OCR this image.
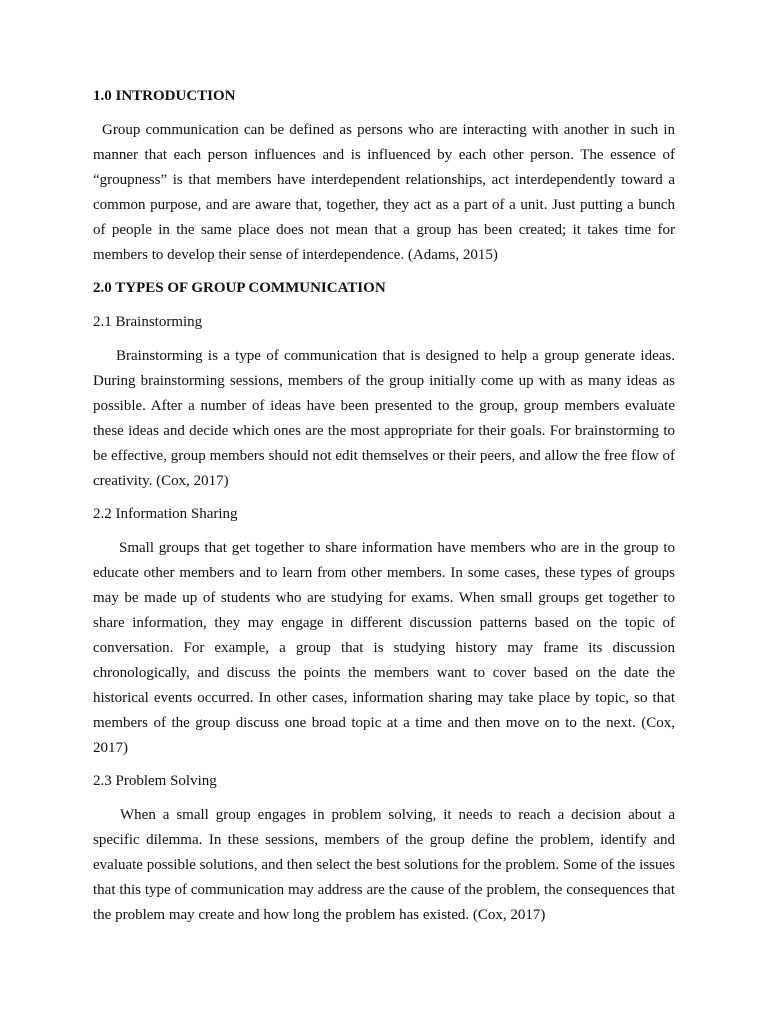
1.0 INTRODUCTION

Group communication can be defined as persons who are interacting with another in such in manner that each person influences and is influenced by each other person. The essence of “groupness” is that members have interdependent relationships, act interdependently toward a common purpose, and are aware that, together, they act as a part of a unit. Just putting a bunch of people in the same place does not mean that a group has been created; it takes time for members to develop their sense of interdependence. (Adams, 2015)

2.0 TYPES OF GROUP COMMUNICATION

2.1 Brainstorming

Brainstorming is a type of communication that is designed to help a group generate ideas. During brainstorming sessions, members of the group initially come up with as many ideas as possible. After a number of ideas have been presented to the group, group members evaluate these ideas and decide which ones are the most appropriate for their goals. For brainstorming to be effective, group members should not edit themselves or their peers, and allow the free flow of creativity. (Cox, 2017)

2.2 Information Sharing

Small groups that get together to share information have members who are in the group to educate other members and to learn from other members. In some cases, these types of groups may be made up of students who are studying for exams. When small groups get together to share information, they may engage in different discussion patterns based on the topic of conversation. For example, a group that is studying history may frame its discussion chronologically, and discuss the points the members want to cover based on the date the historical events occurred. In other cases, information sharing may take place by topic, so that members of the group discuss one broad topic at a time and then move on to the next. (Cox, 2017)

2.3 Problem Solving

When a small group engages in problem solving, it needs to reach a decision about a specific dilemma. In these sessions, members of the group define the problem, identify and evaluate possible solutions, and then select the best solutions for the problem. Some of the issues that this type of communication may address are the cause of the problem, the consequences that the problem may create and how long the problem has existed. (Cox, 2017)
